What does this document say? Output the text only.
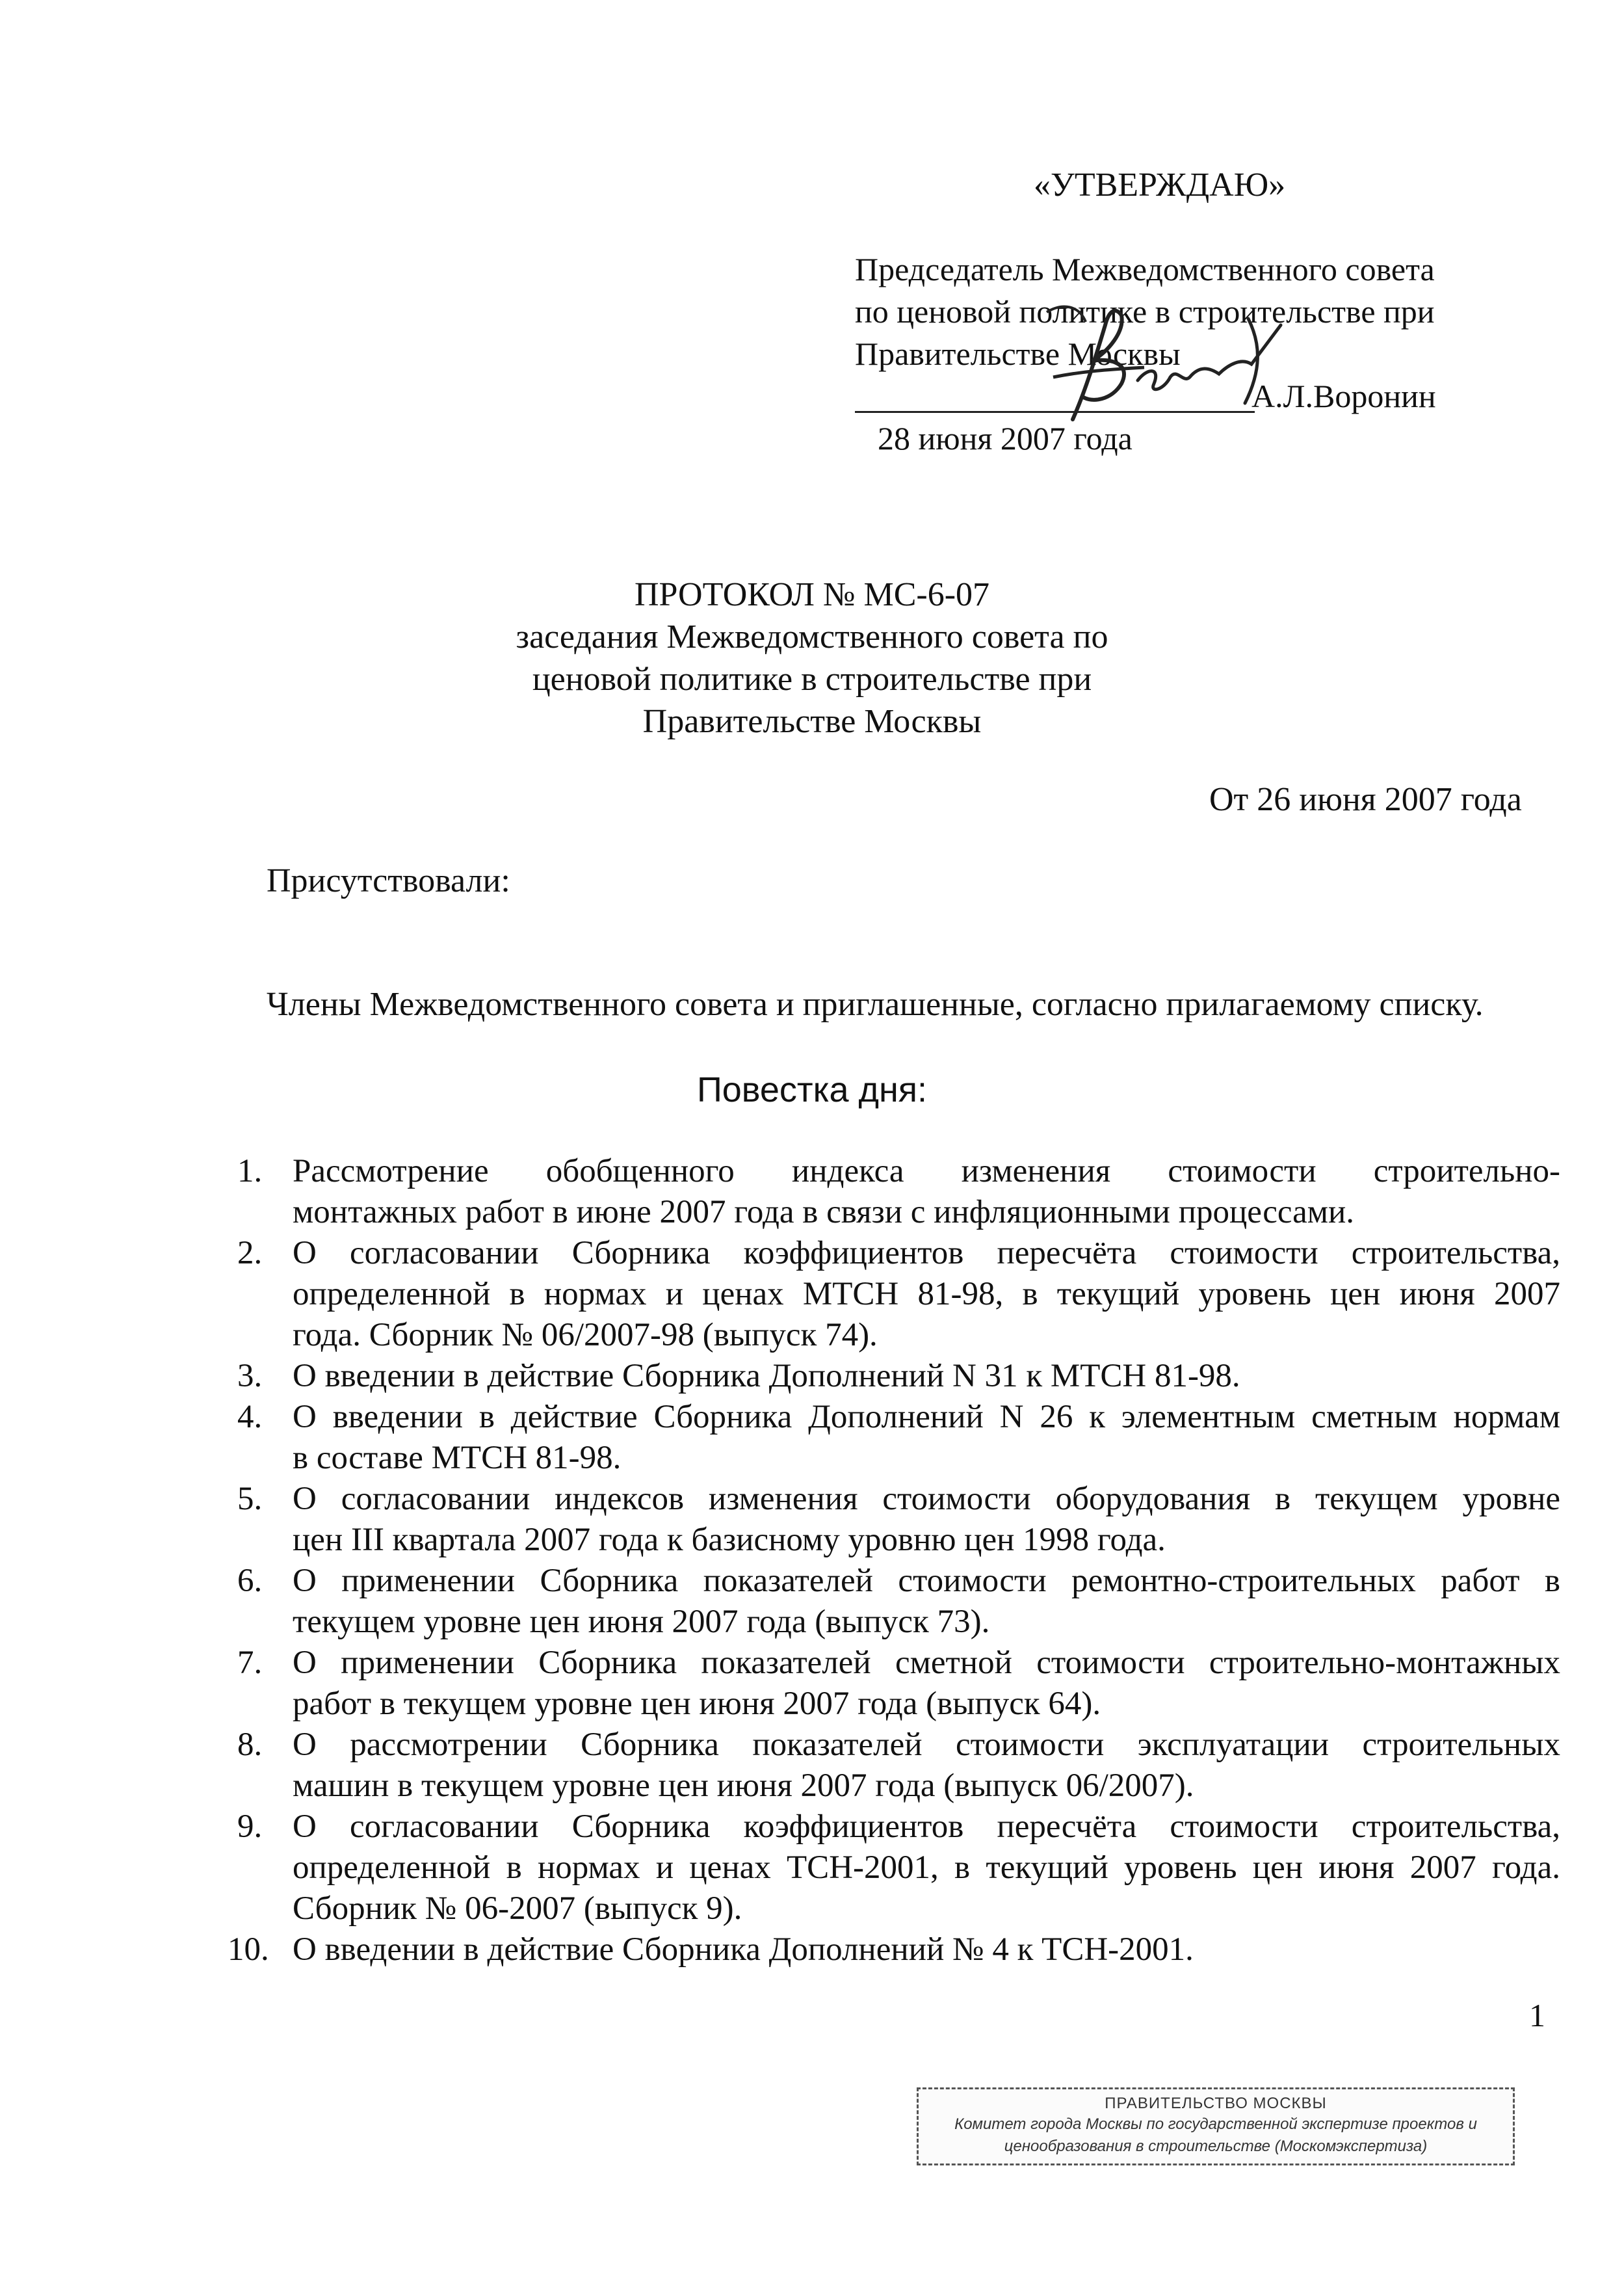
«УТВЕРЖДАЮ»
Председатель Межведомственного совета
по ценовой политике в строительстве при
Правительстве Москвы
А.Л.Воронин
28 июня 2007 года
ПРОТОКОЛ № МС-6-07
заседания Межведомственного совета по
ценовой политике в строительстве при
Правительстве Москвы
От 26 июня 2007 года
Присутствовали:
Члены Межведомственного совета и приглашенные, согласно прилагаемому списку.
Повестка дня:
1. Рассмотрение обобщенного индекса изменения стоимости строительно-
монтажных работ в июне 2007 года в связи с инфляционными процессами.
2. О согласовании Сборника коэффициентов пересчёта стоимости строительства,
определенной в нормах и ценах МТСН 81-98, в текущий уровень цен июня 2007
года. Сборник № 06/2007-98 (выпуск 74).
3. О введении в действие Сборника Дополнений N 31 к МТСН 81-98.
4. О введении в действие Сборника Дополнений N 26 к элементным сметным нормам
в составе МТСН 81-98.
5. О согласовании индексов изменения стоимости оборудования в текущем уровне
цен III квартала 2007 года к базисному уровню цен 1998 года.
6. О применении Сборника показателей стоимости ремонтно-строительных работ в
текущем уровне цен июня 2007 года (выпуск 73).
7. О применении Сборника показателей сметной стоимости строительно-монтажных
работ в текущем уровне цен июня 2007 года (выпуск 64).
8. О рассмотрении Сборника показателей стоимости эксплуатации строительных
машин в текущем уровне цен июня 2007 года (выпуск 06/2007).
9. О согласовании Сборника коэффициентов пересчёта стоимости строительства,
определенной в нормах и ценах ТСН-2001, в текущий уровень цен июня 2007 года.
Сборник № 06-2007 (выпуск 9).
10. О введении в действие Сборника Дополнений № 4 к ТСН-2001.
1
ПРАВИТЕЛЬСТВО МОСКВЫ
Комитет города Москвы по государственной экспертизе проектов и
ценообразования в строительстве (Москомэкспертиза)
